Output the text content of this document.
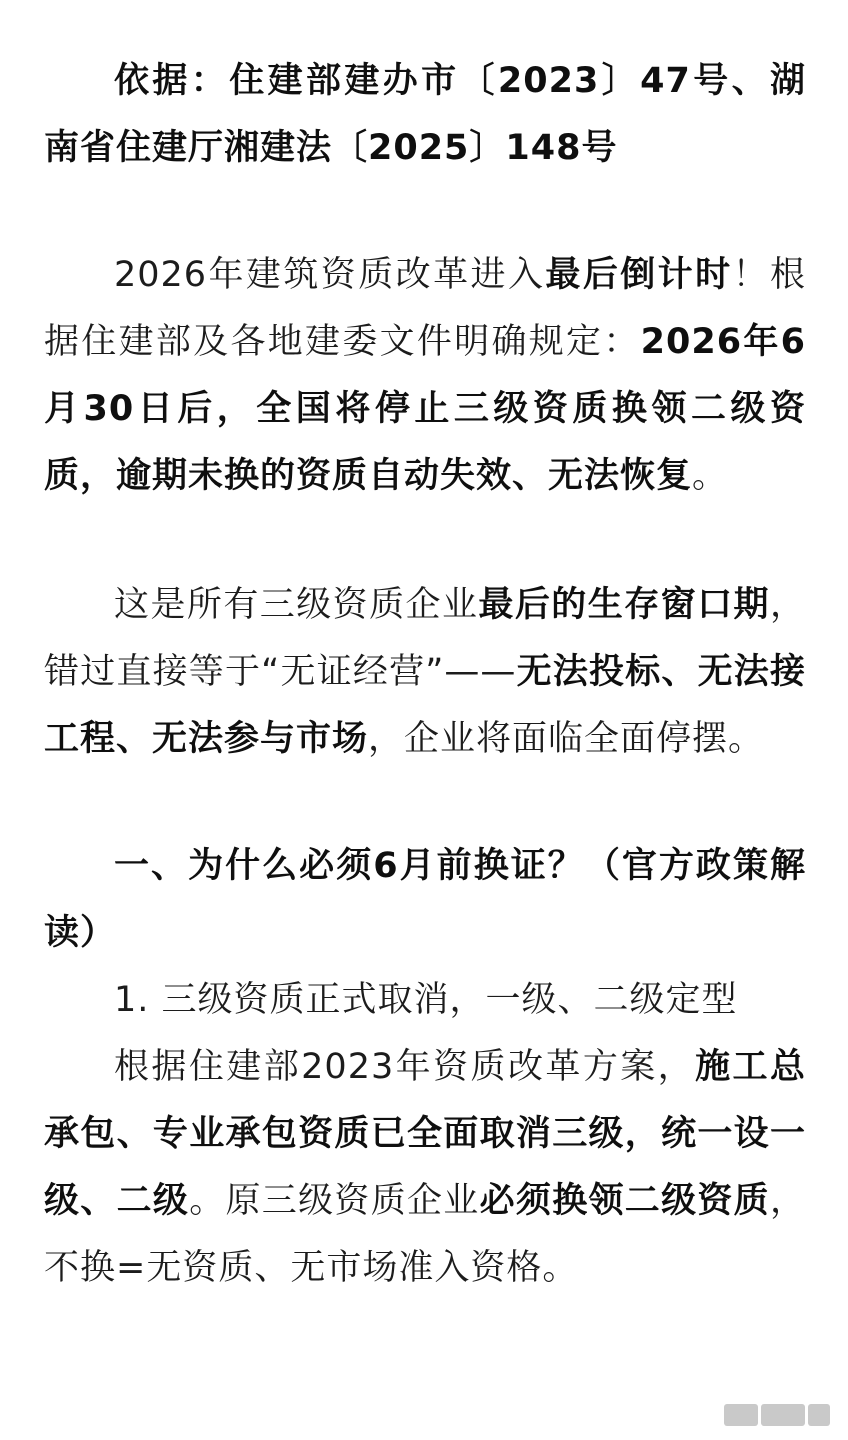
依据：住建部建办市〔2023〕47号、湖南省住建厅湘建法〔2025〕148号

2026年建筑资质改革进入最后倒计时！根据住建部及各地建委文件明确规定：2026年6月30日后，全国将停止三级资质换领二级资质，逾期未换的资质自动失效、无法恢复。

这是所有三级资质企业最后的生存窗口期，错过直接等于“无证经营”——无法投标、无法接工程、无法参与市场，企业将面临全面停摆。

一、为什么必须6月前换证？（官方政策解读）

1. 三级资质正式取消，一级、二级定型

根据住建部2023年资质改革方案，施工总承包、专业承包资质已全面取消三级，统一设一级、二级。原三级资质企业必须换领二级资质，不换=无资质、无市场准入资格。
